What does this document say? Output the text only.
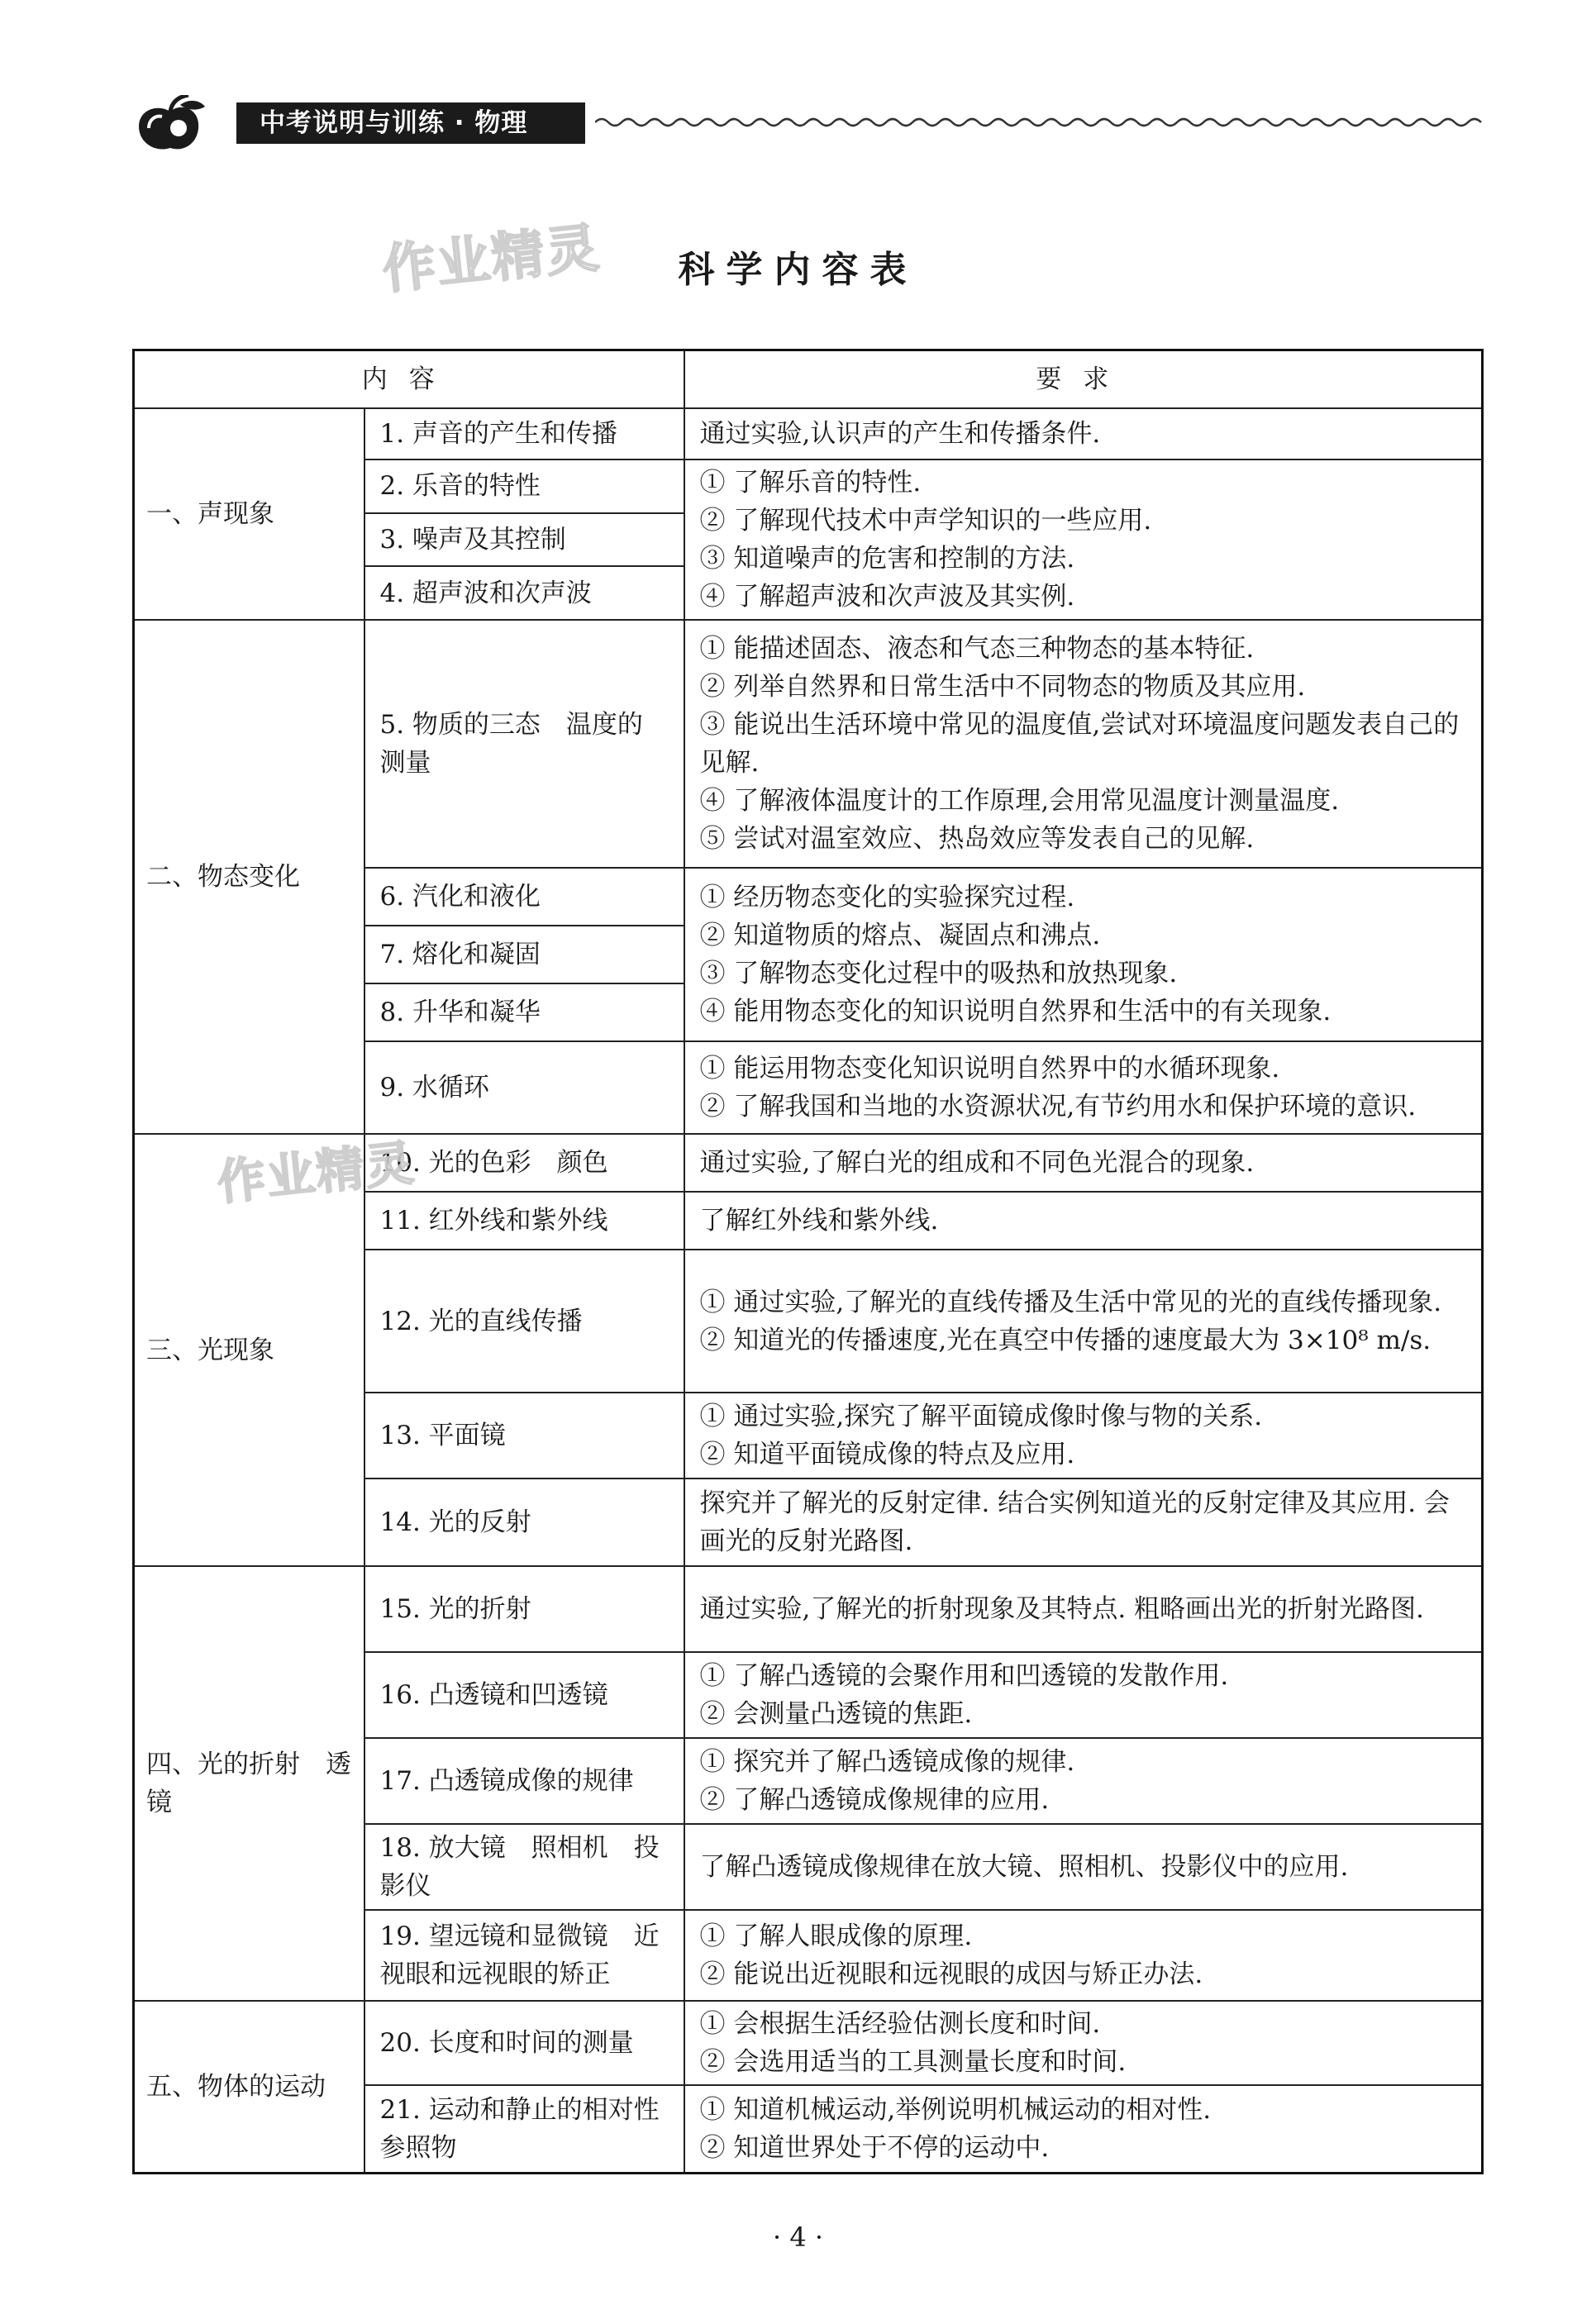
中考说明与训练 · 物理
作业精灵	科学内容表
内容		要求
一、声现象	1. 声音的产生和传播	通过实验,认识声的产生和传播条件.

	2. 乐音的特性	① 了解乐音的特性.
② 了解现代技术中声学知识的一些应用.
③ 知道噪声的危害和控制的方法.
④ 了解超声波和次声波及其实例.

	3. 噪声及其控制	
	4. 超声波和次声波	
二、物态变化	5. 物质的三态　温度的测量	① 能描述固态、液态和气态三种物态的基本特征.
② 列举自然界和日常生活中不同物态的物质及其应用.
③ 能说出生活环境中常见的温度值,尝试对环境温度问题发表自己的见解.
④ 了解液体温度计的工作原理,会用常见温度计测量温度.
⑤ 尝试对温室效应、热岛效应等发表自己的见解.

	6. 汽化和液化	① 经历物态变化的实验探究过程.
② 知道物质的熔点、凝固点和沸点.
③ 了解物态变化过程中的吸热和放热现象.
④ 能用物态变化的知识说明自然界和生活中的有关现象.

	7. 熔化和凝固	
	8. 升华和凝华	
	9. 水循环	① 能运用物态变化知识说明自然界中的水循环现象.
② 了解我国和当地的水资源状况,有节约用水和保护环境的意识.

三、光现象	10. 光的色彩　颜色	通过实验,了解白光的组成和不同色光混合的现象.

	11. 红外线和紫外线	了解红外线和紫外线.

	12. 光的直线传播	① 通过实验,了解光的直线传播及生活中常见的光的直线传播现象.
② 知道光的传播速度,光在真空中传播的速度最大为 3×10⁸ m/s.

	13. 平面镜	① 通过实验,探究了解平面镜成像时像与物的关系.
② 知道平面镜成像的特点及应用.

	14. 光的反射	探究并了解光的反射定律. 结合实例知道光的反射定律及其应用. 会画光的反射光路图.

四、光的折射　透镜	15. 光的折射	通过实验,了解光的折射现象及其特点. 粗略画出光的折射光路图.

	16. 凸透镜和凹透镜	① 了解凸透镜的会聚作用和凹透镜的发散作用.
② 会测量凸透镜的焦距.

	17. 凸透镜成像的规律	① 探究并了解凸透镜成像的规律.
② 了解凸透镜成像规律的应用.

	18. 放大镜　照相机　投影仪	了解凸透镜成像规律在放大镜、照相机、投影仪中的应用.

	19. 望远镜和显微镜　近视眼和远视眼的矫正	① 了解人眼成像的原理.
② 能说出近视眼和远视眼的成因与矫正办法.

五、物体的运动	20. 长度和时间的测量	① 会根据生活经验估测长度和时间.
② 会选用适当的工具测量长度和时间.

	21. 运动和静止的相对性　参照物	① 知道机械运动,举例说明机械运动的相对性.
② 知道世界处于不停的运动中.
作业精灵
· 4 ·
